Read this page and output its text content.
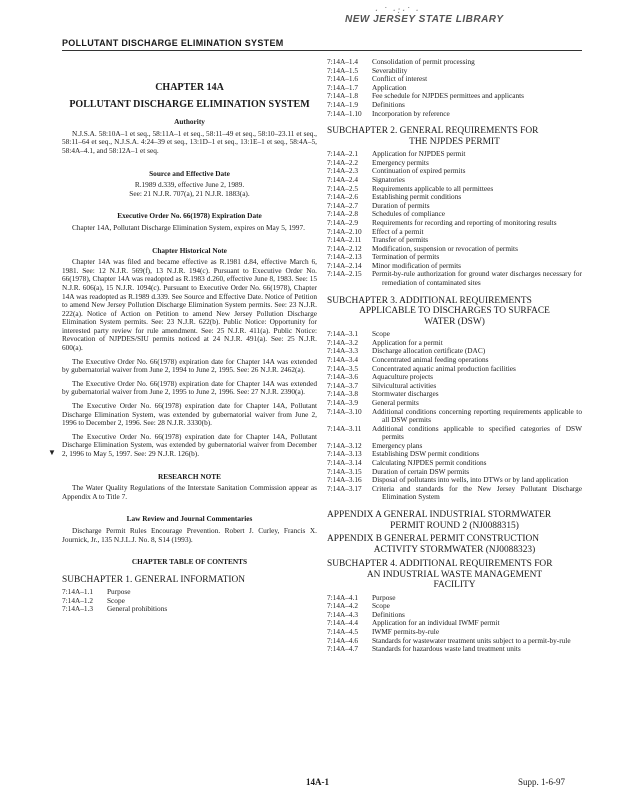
· ˙ ·:·˙ ·
NEW JERSEY STATE LIBRARY
POLLUTANT DISCHARGE ELIMINATION SYSTEM
CHAPTER 14A
POLLUTANT DISCHARGE ELIMINATION SYSTEM
Authority
N.J.S.A. 58:10A–1 et seq., 58:11A–1 et seq., 58:11–49 et seq., 58:10–23.11 et seq., 58:11–64 et seq., N.J.S.A. 4:24–39 et seq., 13:1D–1 et seq., 13:1E–1 et seq., 58:4A–5, 58:4A–4.1, and 58:12A–1 et seq.
Source and Effective Date
R.1989 d.339, effective June 2, 1989.
See: 21 N.J.R. 707(a), 21 N.J.R. 1883(a).
Executive Order No. 66(1978) Expiration Date
Chapter 14A, Pollutant Discharge Elimination System, expires on May 5, 1997.
Chapter Historical Note
Chapter 14A was filed and became effective as R.1981 d.84, effective March 6, 1981. See: 12 N.J.R. 569(f), 13 N.J.R. 194(c). Pursuant to Executive Order No. 66(1978), Chapter 14A was readopted as R.1983 d.260, effective June 8, 1983. See: 15 N.J.R. 606(a), 15 N.J.R. 1094(c). Pursuant to Executive Order No. 66(1978), Chapter 14A was readopted as R.1989 d.339. See Source and Effective Date. Notice of Petition to amend New Jersey Pollution Discharge Elimination System permits. See: 23 N.J.R. 222(a). Notice of Action on Petition to amend New Jersey Pollution Discharge Elimination System permits. See: 23 N.J.R. 622(b). Public Notice: Opportunity for interested party review for rule amendment. See: 25 N.J.R. 411(a). Public Notice: Revocation of NJPDES/SIU permits noticed at 24 N.J.R. 491(a). See: 25 N.J.R. 600(a).
The Executive Order No. 66(1978) expiration date for Chapter 14A was extended by gubernatorial waiver from June 2, 1994 to June 2, 1995. See: 26 N.J.R. 2462(a).
The Executive Order No. 66(1978) expiration date for Chapter 14A was extended by gubernatorial waiver from June 2, 1995 to June 2, 1996. See: 27 N.J.R. 2390(a).
The Executive Order No. 66(1978) expiration date for Chapter 14A, Pollutant Discharge Elimination System, was extended by gubernatorial waiver from June 2, 1996 to December 2, 1996. See: 28 N.J.R. 3330(b).
The Executive Order No. 66(1978) expiration date for Chapter 14A, Pollutant Discharge Elimination System, was extended by gubernatorial waiver from December 2, 1996 to May 5, 1997. See: 29 N.J.R. 126(b).
RESEARCH NOTE
The Water Quality Regulations of the Interstate Sanitation Commission appear as Appendix A to Title 7.
Law Review and Journal Commentaries
Discharge Permit Rules Encourage Prevention. Robert J. Curley, Francis X. Journick, Jr., 135 N.J.L.J. No. 8, S14 (1993).
CHAPTER TABLE OF CONTENTS
SUBCHAPTER 1. GENERAL INFORMATION
7:14A–1.1	Purpose
7:14A–1.2	Scope
7:14A–1.3	General prohibitions
7:14A–1.4	Consolidation of permit processing
7:14A–1.5	Severability
7:14A–1.6	Conflict of interest
7:14A–1.7	Application
7:14A–1.8	Fee schedule for NJPDES permittees and applicants
7:14A–1.9	Definitions
7:14A–1.10	Incorporation by reference
SUBCHAPTER 2. GENERAL REQUIREMENTS FOR
THE NJPDES PERMIT
7:14A–2.1	Application for NJPDES permit
7:14A–2.2	Emergency permits
7:14A–2.3	Continuation of expired permits
7:14A–2.4	Signatories
7:14A–2.5	Requirements applicable to all permittees
7:14A–2.6	Establishing permit conditions
7:14A–2.7	Duration of permits
7:14A–2.8	Schedules of compliance
7:14A–2.9	Requirements for recording and reporting of monitoring results
7:14A–2.10	Effect of a permit
7:14A–2.11	Transfer of permits
7:14A–2.12	Modification, suspension or revocation of permits
7:14A–2.13	Termination of permits
7:14A–2.14	Minor modification of permits
7:14A–2.15	Permit-by-rule authorization for ground water discharges necessary for remediation of contaminated sites
SUBCHAPTER 3. ADDITIONAL REQUIREMENTS
APPLICABLE TO DISCHARGES TO SURFACE
WATER (DSW)
7:14A–3.1	Scope
7:14A–3.2	Application for a permit
7:14A–3.3	Discharge allocation certificate (DAC)
7:14A–3.4	Concentrated animal feeding operations
7:14A–3.5	Concentrated aquatic animal production facilities
7:14A–3.6	Aquaculture projects
7:14A–3.7	Silvicultural activities
7:14A–3.8	Stormwater discharges
7:14A–3.9	General permits
7:14A–3.10	Additional conditions concerning reporting requirements applicable to all DSW permits
7:14A–3.11	Additional conditions applicable to specified categories of DSW permits
7:14A–3.12	Emergency plans
7:14A–3.13	Establishing DSW permit conditions
7:14A–3.14	Calculating NJPDES permit conditions
7:14A–3.15	Duration of certain DSW permits
7:14A–3.16	Disposal of pollutants into wells, into DTWs or by land application
7:14A–3.17	Criteria and standards for the New Jersey Pollutant Discharge Elimination System
APPENDIX A GENERAL INDUSTRIAL STORMWATER
PERMIT ROUND 2 (NJ0088315)
APPENDIX B GENERAL PERMIT CONSTRUCTION
ACTIVITY STORMWATER (NJ0088323)
SUBCHAPTER 4. ADDITIONAL REQUIREMENTS FOR
AN INDUSTRIAL WASTE MANAGEMENT
FACILITY
7:14A–4.1	Purpose
7:14A–4.2	Scope
7:14A–4.3	Definitions
7:14A–4.4	Application for an individual IWMF permit
7:14A–4.5	IWMF permits-by-rule
7:14A–4.6	Standards for wastewater treatment units subject to a permit-by-rule
7:14A–4.7	Standards for hazardous waste land treatment units
▼
14A-1	Supp. 1-6-97
